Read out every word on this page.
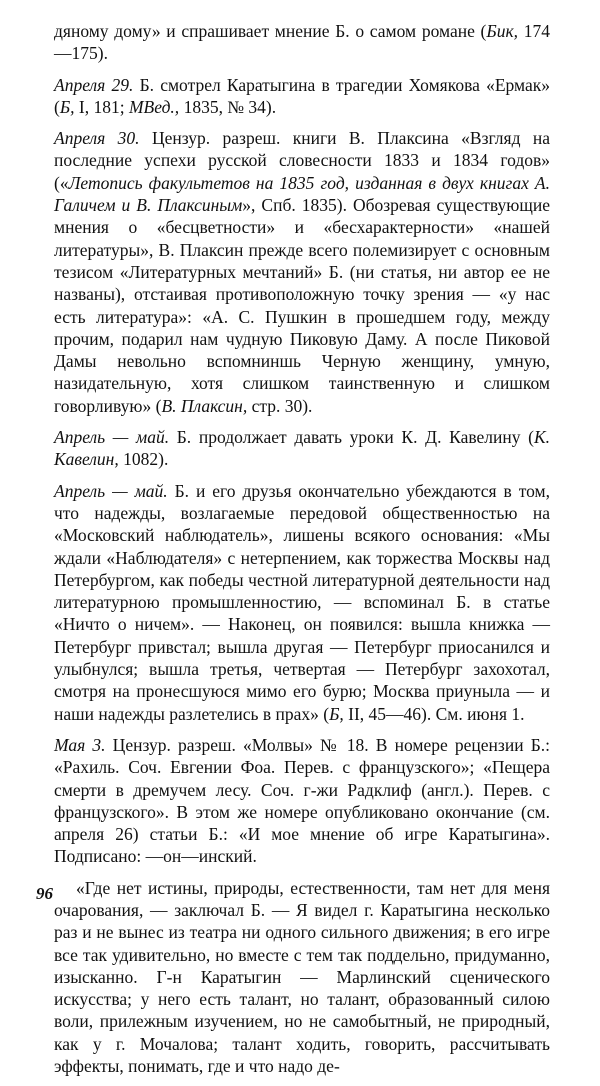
дяному дому» и спрашивает мнение Б. о самом романе (Бик, 174—175).

Апреля 29. Б. смотрел Каратыгина в трагедии Хомякова «Ермак» (Б, I, 181; МВед., 1835, № 34).

Апреля 30. Цензур. разреш. книги В. Плаксина «Взгляд на последние успехи русской словесности 1833 и 1834 годов» («Летопись факультетов на 1835 год, изданная в двух книгах А. Галичем и В. Плаксиным», Спб. 1835). Обозревая существующие мнения о «бесцветности» и «бесхарактерности» «нашей литературы», В. Плаксин прежде всего полемизирует с основным тезисом «Литературных мечтаний» Б. (ни статья, ни автор ее не названы), отстаивая противоположную точку зрения — «у нас есть литература»: «А. С. Пушкин в прошедшем году, между прочим, подарил нам чудную Пиковую Даму. А после Пиковой Дамы невольно вспомниншь Черную женщину, умную, назидательную, хотя слишком таинственную и слишком говорливую» (В. Плаксин, стр. 30).

Апрель — май. Б. продолжает давать уроки К. Д. Кавелину (К. Кавелин, 1082).

Апрель — май. Б. и его друзья окончательно убеждаются в том, что надежды, возлагаемые передовой общественностью на «Московский наблюдатель», лишены всякого основания: «Мы ждали «Наблюдателя» с нетерпением, как торжества Москвы над Петербургом, как победы честной литературной деятельности над литературною промышленностию, — вспоминал Б. в статье «Ничто о ничем». — Наконец, он появился: вышла книжка — Петербург привстал; вышла другая — Петербург приосанился и улыбнулся; вышла третья, четвертая — Петербург захохотал, смотря на пронесшуюся мимо его бурю; Москва приуныла — и наши надежды разлетелись в прах» (Б, II, 45—46). См. июня 1.

Мая 3. Цензур. разреш. «Молвы» № 18. В номере рецензии Б.: «Рахиль. Соч. Евгении Фоа. Перев. с французского»; «Пещера смерти в дремучем лесу. Соч. г-жи Радклиф (англ.). Перев. с французского». В этом же номере опубликовано окончание (см. апреля 26) статьи Б.: «И мое мнение об игре Каратыгина». Подписано: —он—инский.

«Где нет истины, природы, естественности, там нет для меня очарования, — заключал Б. — Я видел г. Каратыгина несколько раз и не вынес из театра ни одного сильного движения; в его игре все так удивительно, но вместе с тем так поддельно, придуманно, изысканно. Г-н Каратыгин — Марлинский сценического искусства; у него есть талант, но талант, образованный силою воли, прилежным изучением, но не самобытный, не природный, как у г. Мочалова; талант ходить, говорить, рассчитывать эффекты, понимать, где и что надо де-

96
